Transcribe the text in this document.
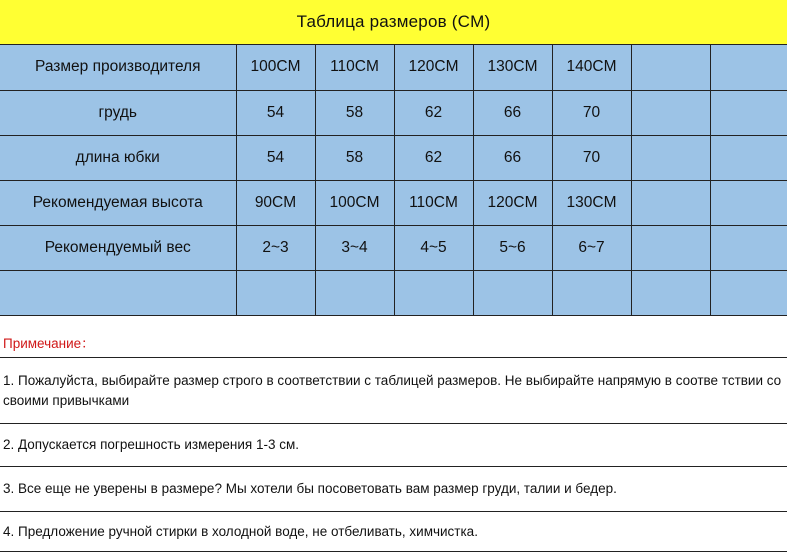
Таблица размеров (CM)
Размер производителя	100CM	110CM	120CM	130CM	140CM		
грудь	54	58	62	66	70		
длина юбки	54	58	62	66	70		
Рекомендуемая высота	90CM	100CM	110CM	120CM	130CM		
Рекомендуемый вес	2~3	3~4	4~5	5~6	6~7		

Примечание：
1. Пожалуйста, выбирайте размер строго в соответствии с таблицей размеров. Не выбирайте напрямую в соотве тствии со своими привычками
2. Допускается погрешность измерения 1-3 см.
3. Все еще не уверены в размере? Мы хотели бы посоветовать вам размер груди, талии и бедер.
4. Предложение ручной стирки в холодной воде, не отбеливать, химчистка.
